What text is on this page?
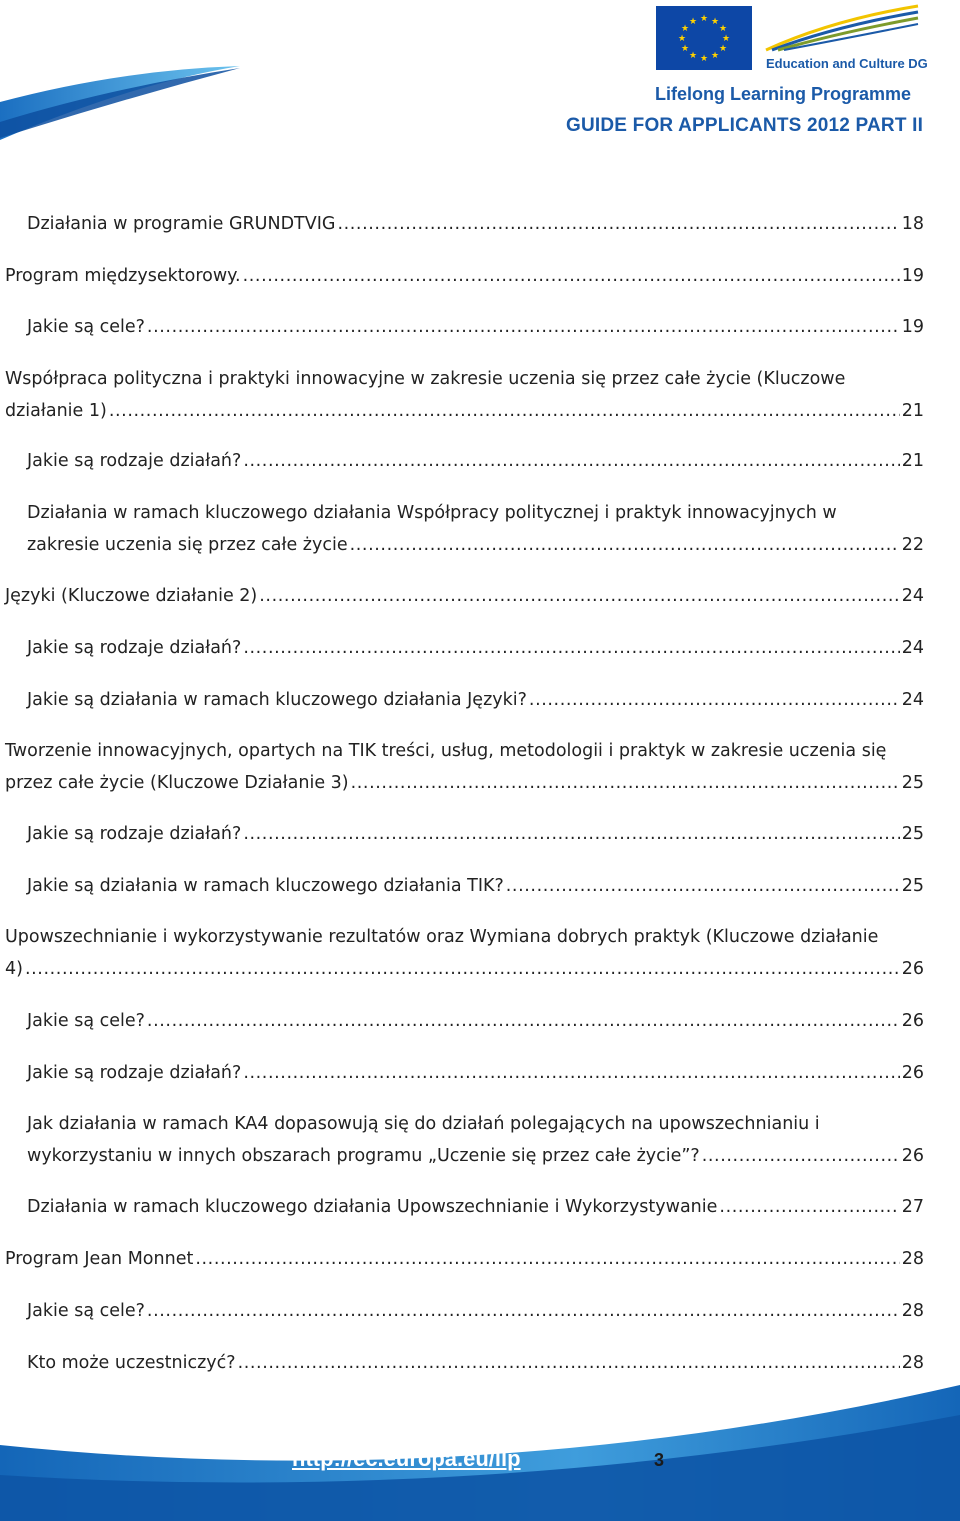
★ ★
★
★
★
★
★
★
★
★
★
★
Education and Culture DG
Lifelong Learning Programme
GUIDE FOR APPLICANTS 2012 PART II
Działania w programie GRUNDTVIG .....	18
Program międzysektorowy. .....	19
Jakie są cele? .....	19
Współpraca polityczna i praktyki innowacyjne w zakresie uczenia się przez całe życie (Kluczowe
działanie 1) .....	21
Jakie są rodzaje działań? .....	21
Działania w ramach kluczowego działania Współpracy politycznej i praktyk innowacyjnych w
zakresie uczenia się przez całe życie .....	22
Języki (Kluczowe działanie 2) .....	24
Jakie są rodzaje działań? .....	24
Jakie są działania w ramach kluczowego działania Języki? .....	24
Tworzenie innowacyjnych, opartych na TIK treści, usług, metodologii i praktyk w zakresie uczenia się
przez całe życie (Kluczowe Działanie 3) .....	25
Jakie są rodzaje działań? .....	25
Jakie są działania w ramach kluczowego działania TIK? .....	25
Upowszechnianie i wykorzystywanie rezultatów oraz Wymiana dobrych praktyk (Kluczowe działanie
4) .....	26
Jakie są cele? .....	26
Jakie są rodzaje działań? .....	26
Jak działania w ramach KA4 dopasowują się do działań polegających na upowszechnianiu i
wykorzystaniu w innych obszarach programu „Uczenie się przez całe życie”? .....	26
Działania w ramach kluczowego działania Upowszechnianie i Wykorzystywanie .....	27
Program Jean Monnet .....	28
Jakie są cele? .....	28
Kto może uczestniczyć? .....	28
http://ec.europa.eu/llp	3
